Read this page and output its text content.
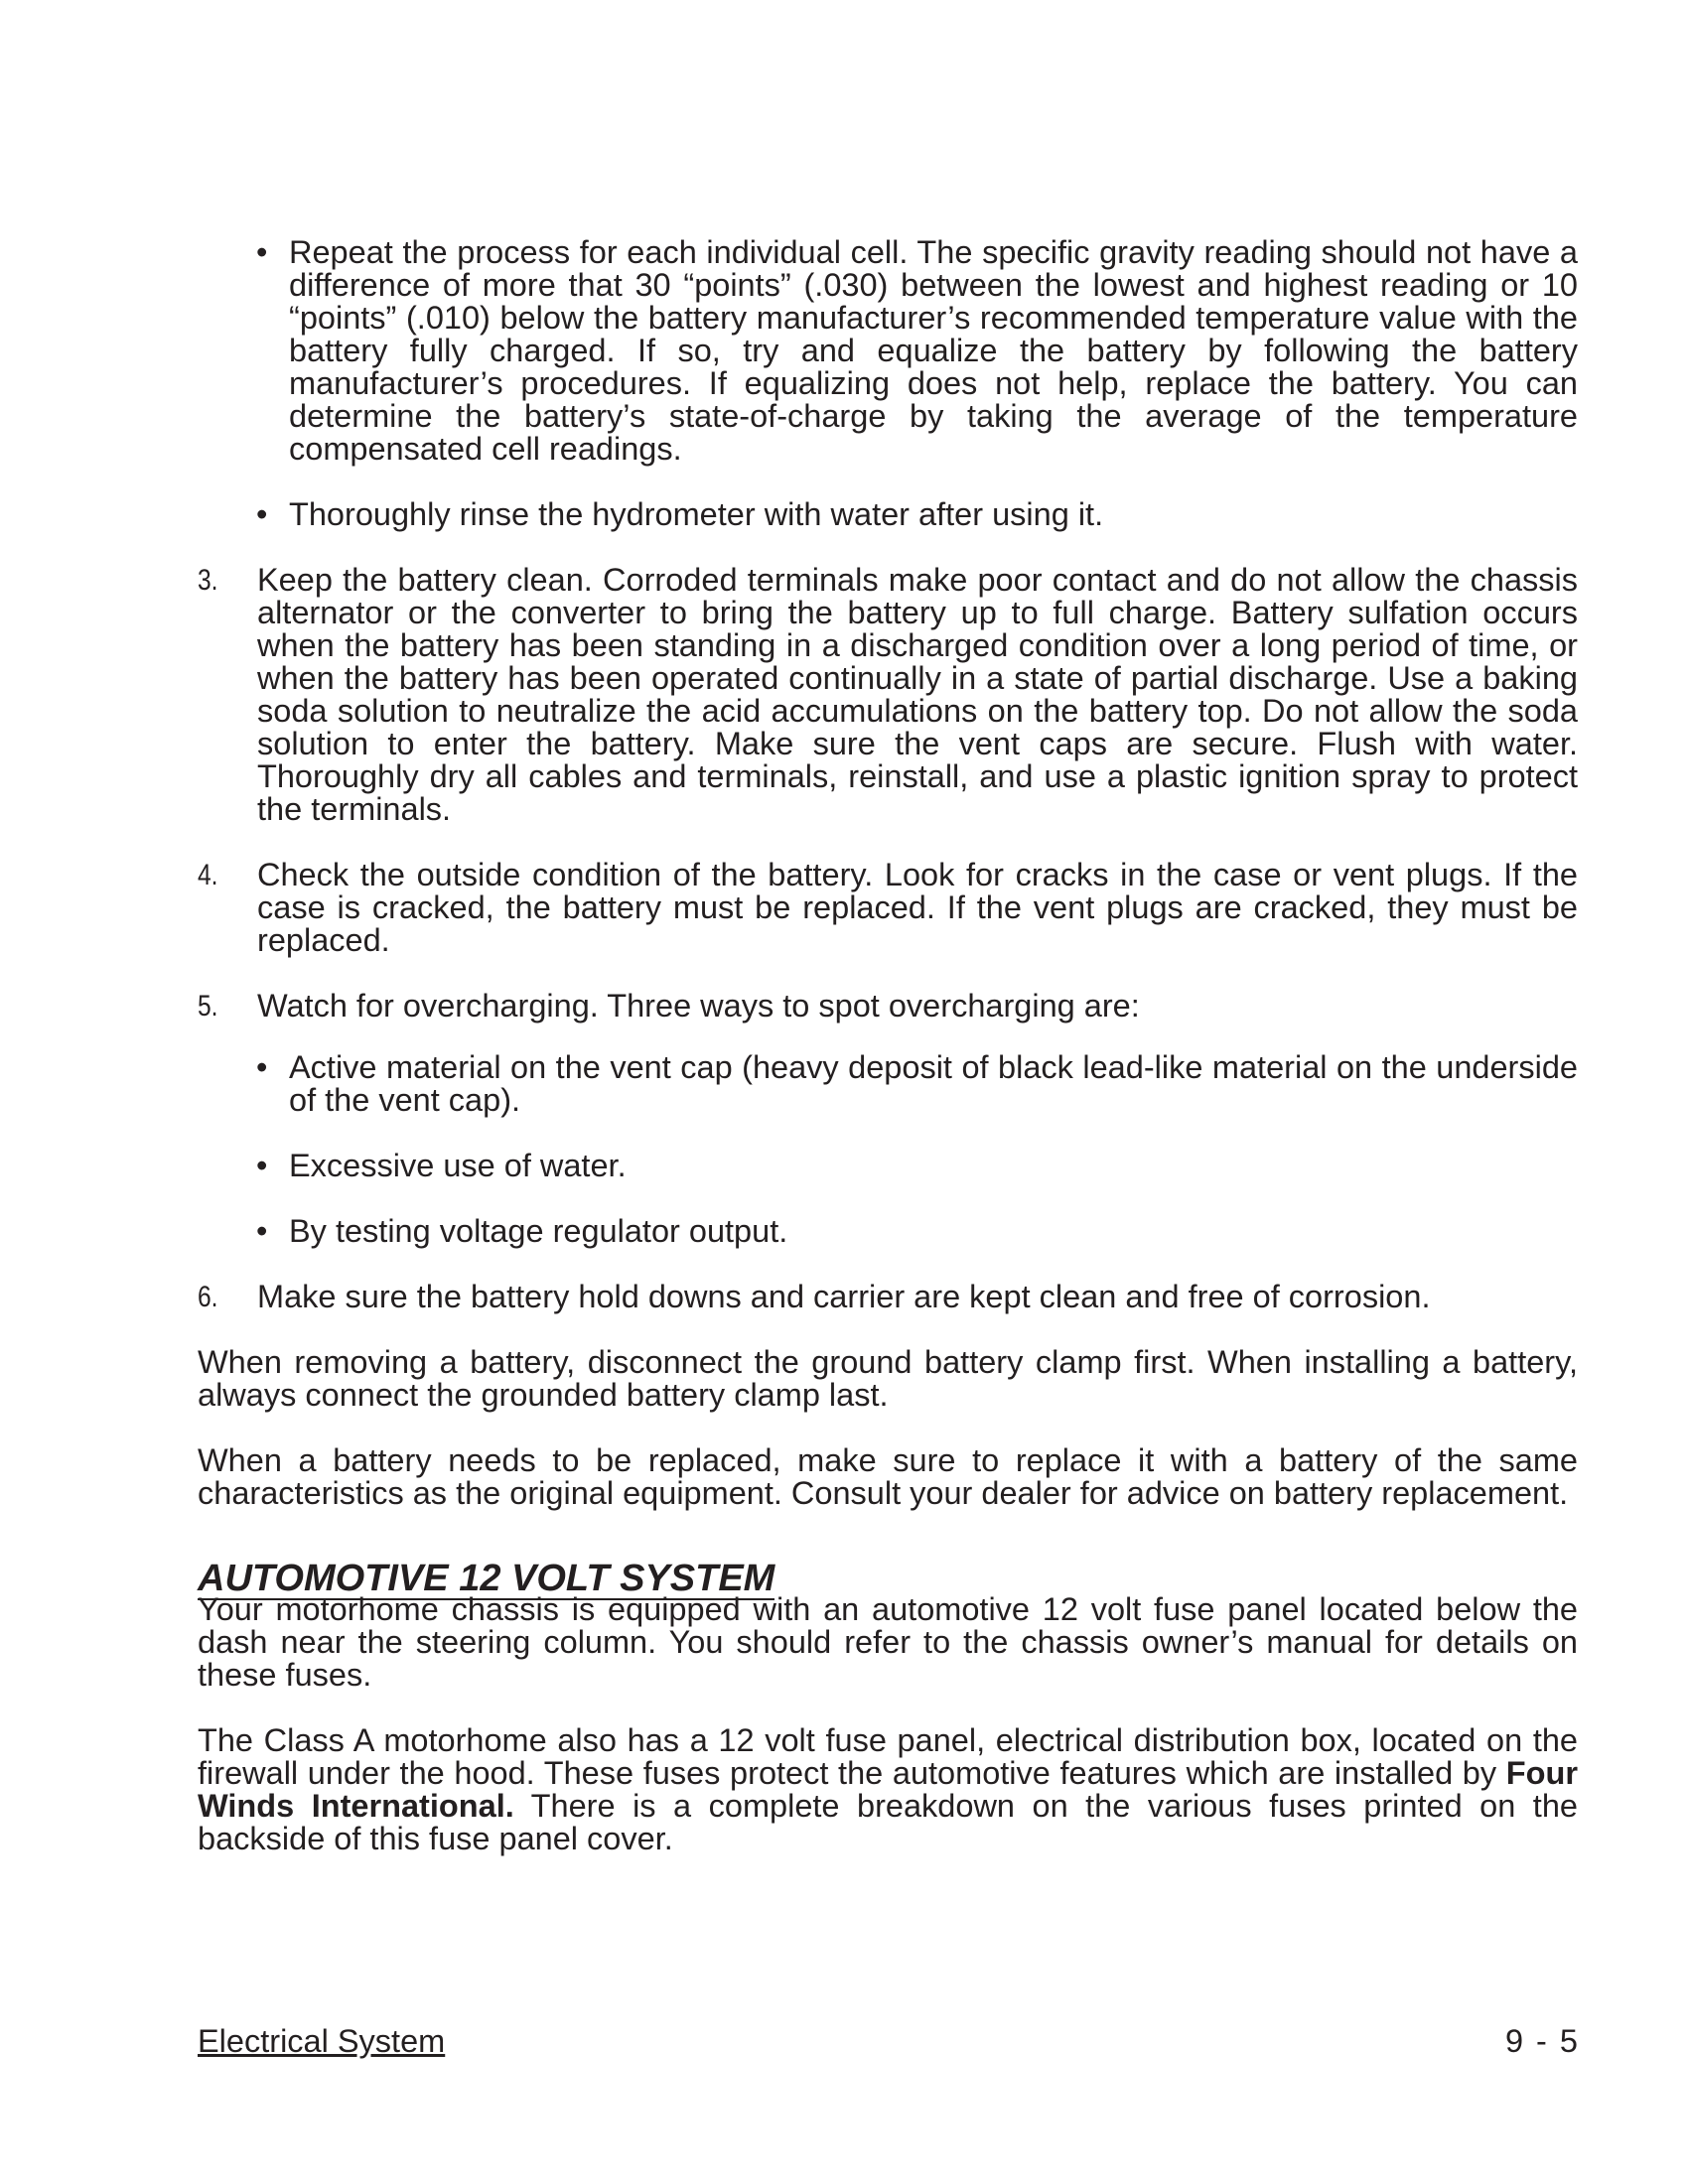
• Repeat the process for each individual cell. The specific gravity reading should not have a difference of more that 30 “points” (.030) between the lowest and highest reading or 10 “points” (.010) below the battery manufacturer’s recommended temperature value with the battery fully charged. If so, try and equalize the battery by following the battery manufacturer’s procedures. If equalizing does not help, replace the battery. You can determine the battery’s state-of-charge by taking the average of the temperature compensated cell readings.

• Thoroughly rinse the hydrometer with water after using it.

3. Keep the battery clean. Corroded terminals make poor contact and do not allow the chassis alternator or the converter to bring the battery up to full charge. Battery sulfation occurs when the battery has been standing in a discharged condition over a long period of time, or when the battery has been operated continually in a state of partial discharge. Use a baking soda solution to neutralize the acid accumulations on the battery top. Do not allow the soda solution to enter the battery. Make sure the vent caps are secure. Flush with water. Thoroughly dry all cables and terminals, reinstall, and use a plastic ignition spray to protect the terminals.

4. Check the outside condition of the battery. Look for cracks in the case or vent plugs. If the case is cracked, the battery must be replaced. If the vent plugs are cracked, they must be replaced.

5. Watch for overcharging. Three ways to spot overcharging are:

• Active material on the vent cap (heavy deposit of black lead-like material on the underside of the vent cap).

• Excessive use of water.

• By testing voltage regulator output.

6. Make sure the battery hold downs and carrier are kept clean and free of corrosion.

When removing a battery, disconnect the ground battery clamp first. When installing a battery, always connect the grounded battery clamp last.

When a battery needs to be replaced, make sure to replace it with a battery of the same characteristics as the original equipment. Consult your dealer for advice on battery replacement.

AUTOMOTIVE 12 VOLT SYSTEM

Your motorhome chassis is equipped with an automotive 12 volt fuse panel located below the dash near the steering column. You should refer to the chassis owner’s manual for details on these fuses.

The Class A motorhome also has a 12 volt fuse panel, electrical distribution box, located on the firewall under the hood. These fuses protect the automotive features which are installed by Four Winds International. There is a complete breakdown on the various fuses printed on the backside of this fuse panel cover.

Electrical System	9 - 5
